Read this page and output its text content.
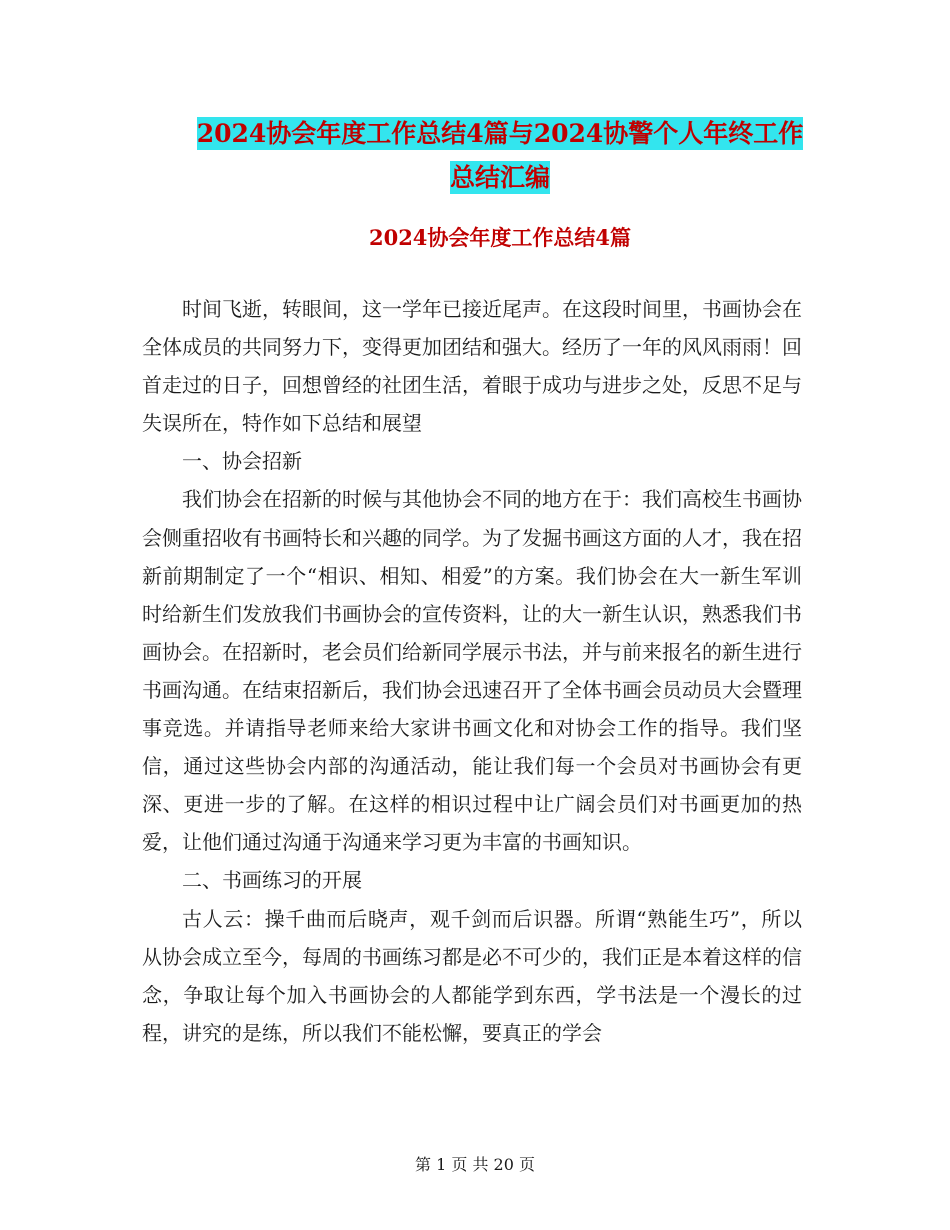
2024协会年度工作总结4篇与2024协警个人年终工作
总结汇编
2024协会年度工作总结4篇

时间飞逝，转眼间，这一学年已接近尾声。在这段时间里，书画协会在全体成员的共同努力下，变得更加团结和强大。经历了一年的风风雨雨！回首走过的日子，回想曾经的社团生活，着眼于成功与进步之处，反思不足与失误所在，特作如下总结和展望

一、协会招新

我们协会在招新的时候与其他协会不同的地方在于：我们高校生书画协会侧重招收有书画特长和兴趣的同学。为了发掘书画这方面的人才，我在招新前期制定了一个“相识、相知、相爱”的方案。我们协会在大一新生军训时给新生们发放我们书画协会的宣传资料，让的大一新生认识，熟悉我们书画协会。在招新时，老会员们给新同学展示书法，并与前来报名的新生进行书画沟通。在结束招新后，我们协会迅速召开了全体书画会员动员大会暨理事竞选。并请指导老师来给大家讲书画文化和对协会工作的指导。我们坚信，通过这些协会内部的沟通活动，能让我们每一个会员对书画协会有更深、更进一步的了解。在这样的相识过程中让广阔会员们对书画更加的热爱，让他们通过沟通于沟通来学习更为丰富的书画知识。

二、书画练习的开展

古人云：操千曲而后晓声，观千剑而后识器。所谓“熟能生巧”，所以从协会成立至今，每周的书画练习都是必不可少的，我们正是本着这样的信念，争取让每个加入书画协会的人都能学到东西，学书法是一个漫长的过程，讲究的是练，所以我们不能松懈，要真正的学会

第 1 页 共 20 页
